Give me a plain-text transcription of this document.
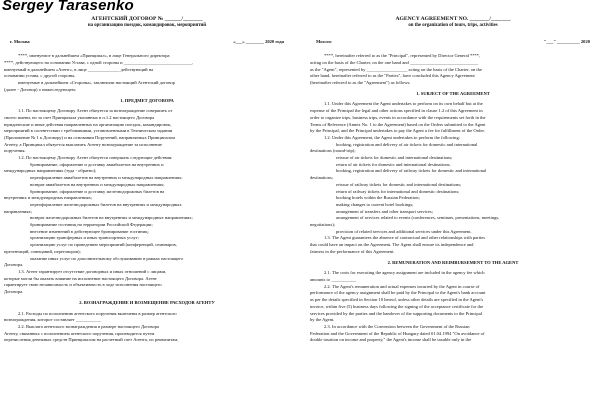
Sergey Tarasenko
АГЕНТСКИЙ ДОГОВОР № ______/_______
на организацию поездок, командировок, мероприятий
г. Москва	«___» ________ 2020 года

****, именуемое в дальнейшем «Принципал», в лице Генерального директора

****, действующего на основании Устава, с одной стороны и ______________________________,

именуемый в дальнейшем «Агент», в лице ______________ действующий на

основании устава, с другой стороны,

именуемые в дальнейшем «Стороны», заключили настоящий Агентский договор

(далее - Договор) о нижеследующем:

1. ПРЕДМЕТ ДОГОВОРА

1.1. По настоящему Договору Агент обязуется за вознаграждение совершить от

своего имени, но за счет Принципала указанных в п.1.2 настоящего Договора

юридические и иные действия направленных на организацию поездок, командировок,

мероприятий в соответствии с требованиями, установленными в Техническом задании

(Приложение № 1 к Договору) и на основании Поручений, направляемых Принципалом

Агенту, а Принципал обязуется выплатить Агенту вознаграждение за исполнение

поручения.

1.2. По настоящему Договору Агент обязуется совершать следующие действия:

бронирование, оформление и доставку авиабилетов на внутренних и

международных направлениях (туда - обратно);

переоформление авиабилетов на внутренних и международных направлениях;

возврат авиабилетов на внутренних и международных направлениях;

бронирование, оформление и доставку железнодорожных билетов на

внутренних и международных направлениях;

переоформление железнодорожных билетов на внутренних и международных

направлениях;

возврат железнодорожных билетов на внутренних и международных направлениях;

бронирование гостиниц на территории Российской Федерации;

внесение изменений в действующее бронирование гостиниц;

организацию трансферных и иных транспортных услуг;

организацию услуг по проведению мероприятий (конференций, семинаров,

презентаций, совещаний, переговоров);

оказание иных услуг по дополнительному обслуживанию в рамках настоящего

Договора.

1.3. Агент гарантирует отсутствие договорных и иных отношений с лицами,

которые могли бы оказать влияние на исполнение настоящего Договора. Агент

гарантирует свою независимость и объективность в ходе исполнения настоящего

Договора.

2. ВОЗНАГРАЖДЕНИЕ И ВОЗМЕЩЕНИЕ РАСХОДОВ АГЕНТУ

2.1. Расходы по исполнению агентского поручения включены в размер агентского

вознаграждения, которое составляет ___________

2.2. Выплата агентского вознаграждения в размере настоящего Договора

Агенту, связанных с исполнением агентского поручения, производится путем

перечисления денежных средств Принципалом на расчетный счет Агента, по реквизитам,

AGENCY AGREEMENT NO. _______/_______
on the organization of tours, trips, activities
Moscow	"___" __________ 2020

****, hereinafter referred to as the "Principal", represented by Director General ****,

acting on the basis of the Charter, on the one hand and ______________________________

as the "Agent", represented by __________________ acting on the basis of the Charter, on the

other hand, hereinafter referred to as the "Parties", have concluded this Agency Agreement

(hereinafter referred to as the "Agreement") as follows:

1. SUBJECT OF THE AGREEMENT

1.1. Under this Agreement the Agent undertakes to perform on its own behalf but at the

expense of the Principal the legal and other actions specified in clause 1.2 of this Agreement in

order to organize trips, business trips, events in accordance with the requirements set forth in the

Terms of Reference (Annex No. 1 to the Agreement) based on the Orders submitted to the Agent

by the Principal, and the Principal undertakes to pay the Agent a fee for fulfillment of the Order.

1.2. Under this Agreement, the Agent undertakes to perform the following:

booking, registration and delivery of air tickets for domestic and international

destinations (round-trip);

reissue of air tickets for domestic and international destinations;

return of air tickets for domestic and international destinations;

booking, registration and delivery of railway tickets for domestic and international

destinations;

reissue of railway tickets for domestic and international destinations;

return of railway tickets for international and domestic destinations;

booking hotels within the Russian Federation;

making changes to current hotel bookings;

arrangement of transfers and other transport services;

arrangement of services related to events (conferences, seminars, presentations, meetings,

negotiations);

provision of related services and additional services under this Agreement.

1.3. The Agent guarantees the absence of contractual and other relationships with parties

that could have an impact on the Agreement. The Agent shall ensure its independence and

fairness in the performance of this Agreement.

2. REMUNERATION AND REIMBURSEMENT TO THE AGENT

2.1. The costs for executing the agency assignment are included in the agency fee which

amounts to ___________

2.2. The Agent's remuneration and actual expenses incurred by the Agent in course of

performance of the agency assignment shall be paid by the Principal to the Agent's bank account

as per the details specified in Section 10 hereof, unless other details are specified in the Agent's

invoice, within five (5) business days following the signing of the acceptance certificate for the

services provided by the parties and the handover of the supporting documents to the Principal

by the Agent.

2.3. In accordance with the Convention between the Government of the Russian

Federation and the Government of the Republic of Hungary dated 01.04.1994 "On avoidance of

double taxation on income and property," the Agent's income shall be taxable only in the
